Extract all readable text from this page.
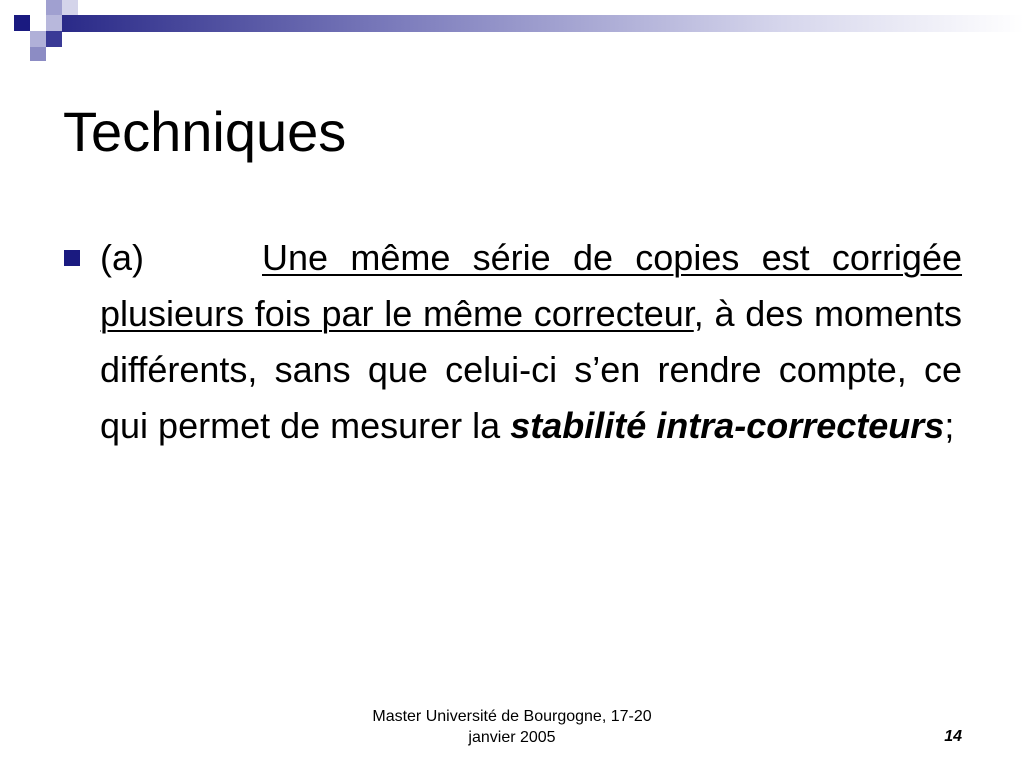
Techniques

(a)	Une même série de copies est corrigée plusieurs fois par le même correcteur, à des moments différents, sans que celui-ci s’en rendre compte, ce qui permet de mesurer la stabilité intra-correcteurs;

Master Université de Bourgogne, 17-20
janvier 2005	14
